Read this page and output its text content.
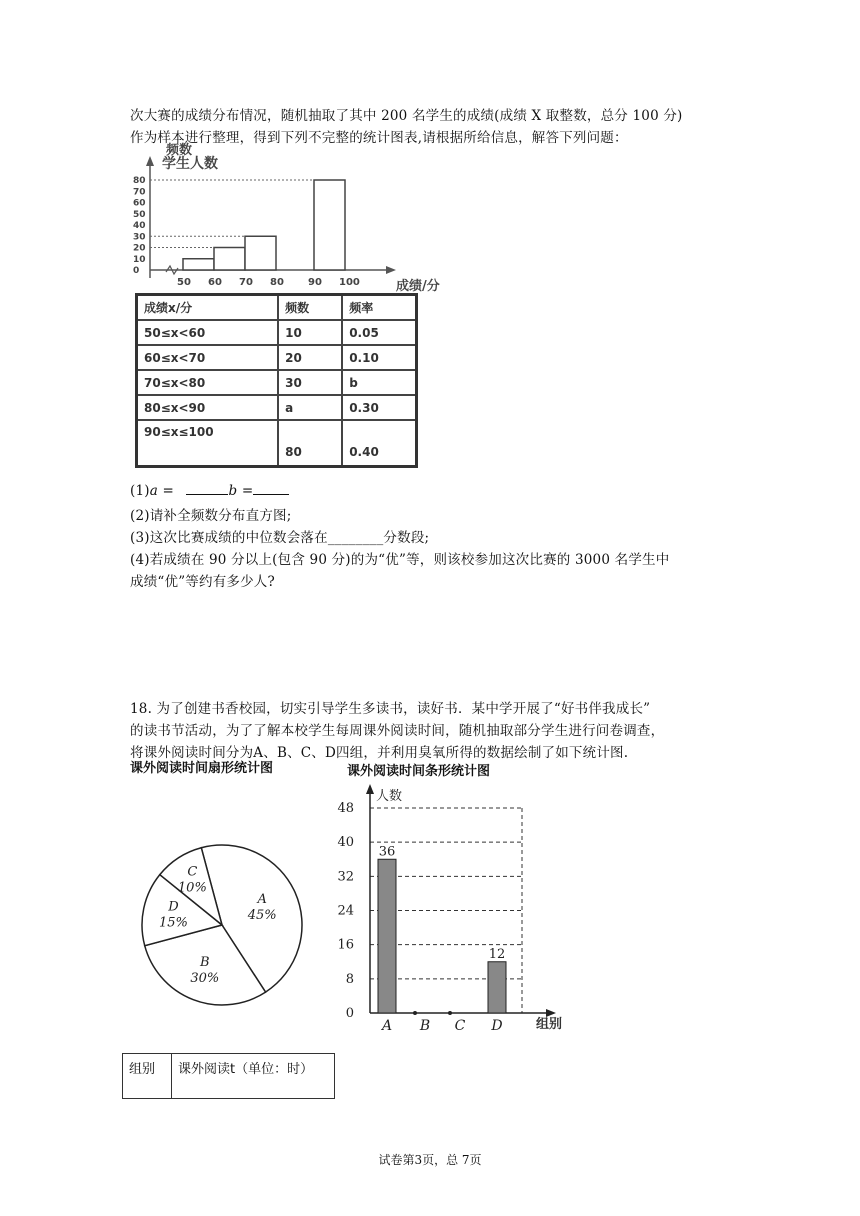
次大赛的成绩分布情况，随机抽取了其中 200 名学生的成绩(成绩 X 取整数，总分 100 分)
作为样本进行整理，得到下列不完整的统计图表,请根据所给信息，解答下列问题：
频数
学生人数
成绩/分
80
70
60
50
40
30
20
10
0
50 60 70 80 90 100
成绩x/分	频数	频率
50≤x<60	10	0.05
60≤x<70	20	0.10
70≤x<80	30	b
80≤x<90	a	0.30
90≤x≤100	80	0.40
(1)a =	b =
(2)请补全频数分布直方图;
(3)这次比赛成绩的中位数会落在________分数段;
(4)若成绩在 90 分以上(包含 90 分)的为“优”等，则该校参加这次比赛的 3000 名学生中
成绩“优”等约有多少人?
18. 为了创建书香校园，切实引导学生多读书，读好书．某中学开展了“好书伴我成长”
的读书节活动，为了了解本校学生每周课外阅读时间，随机抽取部分学生进行问卷调查，
将课外阅读时间分为A、B、C、D四组，并利用臭氧所得的数据绘制了如下统计图.
课外阅读时间扇形统计图
A
45%
B
30%
D
15%
C
10%
课外阅读时间条形统计图
48
40
32
24
16
8
0
人数
组别
A B C D
36
12
组别	课外阅读t（单位：时）
试卷第3页，总 7页
